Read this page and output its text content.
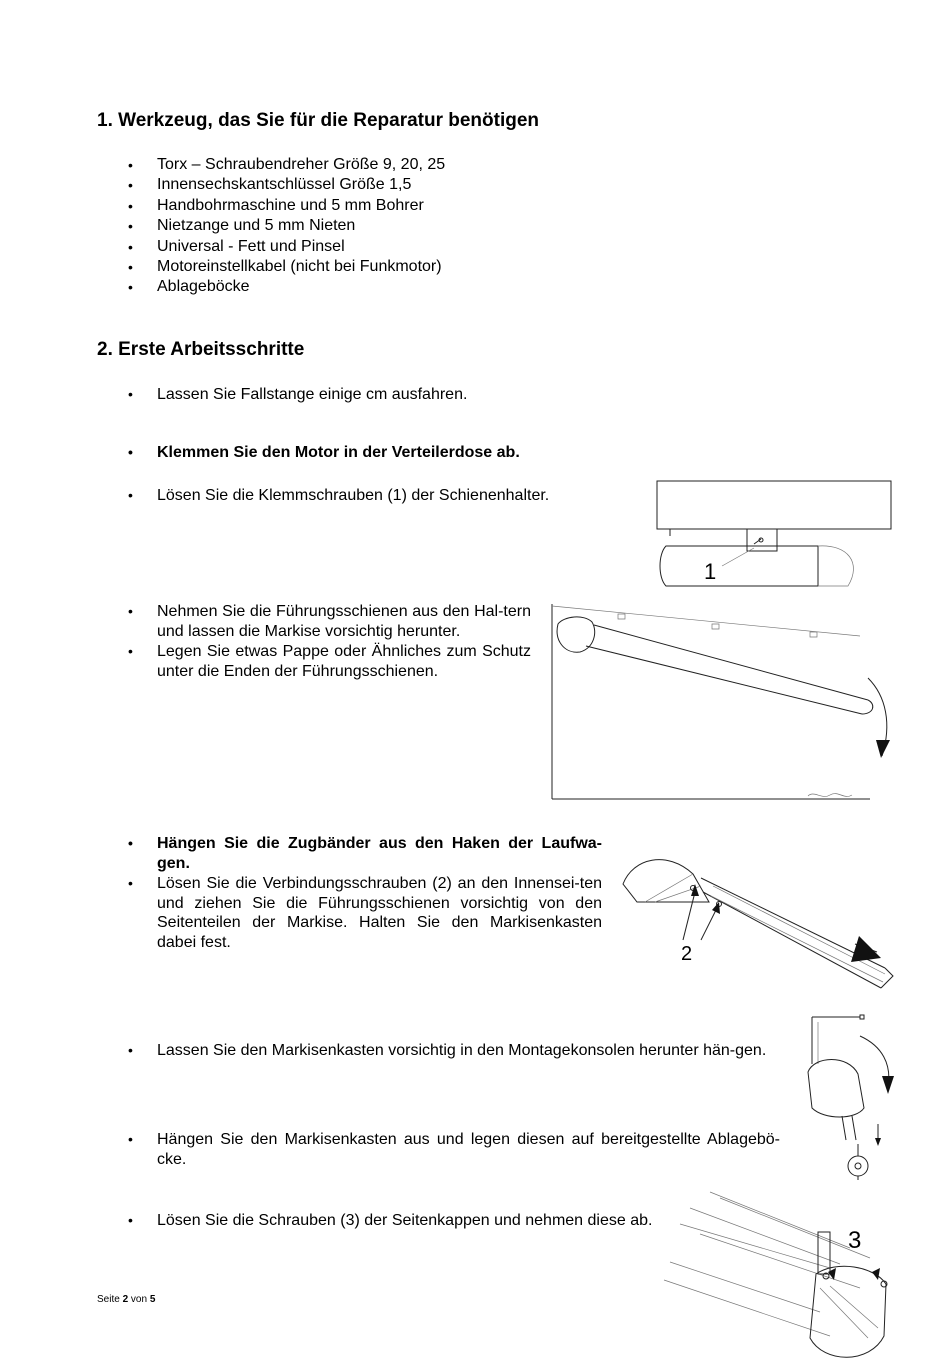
1. Werkzeug, das Sie für die Reparatur benötigen
• Torx – Schraubendreher Größe 9, 20, 25
• Innensechskantschlüssel Größe 1,5
• Handbohrmaschine und 5 mm Bohrer
• Nietzange und 5 mm Nieten
• Universal - Fett und Pinsel
• Motoreinstellkabel (nicht bei Funkmotor)
• Ablageböcke
2. Erste Arbeitsschritte
•	Lassen Sie Fallstange einige cm ausfahren.
•	Klemmen Sie den Motor in der Verteilerdose ab.
•	Lösen Sie die Klemmschrauben (1) der Schienenhalter.
•	Nehmen Sie die Führungsschienen aus den Hal-tern und lassen die Markise vorsichtig herunter.
•	Legen Sie etwas Pappe oder Ähnliches zum Schutz unter die Enden der Führungsschienen.
•	Hängen Sie die Zugbänder aus den Haken der Laufwa-gen.
•	Lösen Sie die Verbindungsschrauben (2) an den Innensei-ten und ziehen Sie die Führungsschienen vorsichtig von den Seitenteilen der Markise. Halten Sie den Markisenkasten dabei fest.
•	Lassen Sie den Markisenkasten vorsichtig in den Montagekonsolen herunter hän-gen.
•	Hängen Sie den Markisenkasten aus und legen diesen auf bereitgestellte Ablagebö-cke.
•	Lösen Sie die Schrauben (3) der Seitenkappen und nehmen diese ab.
1
2
3
Seite 2 von 5
